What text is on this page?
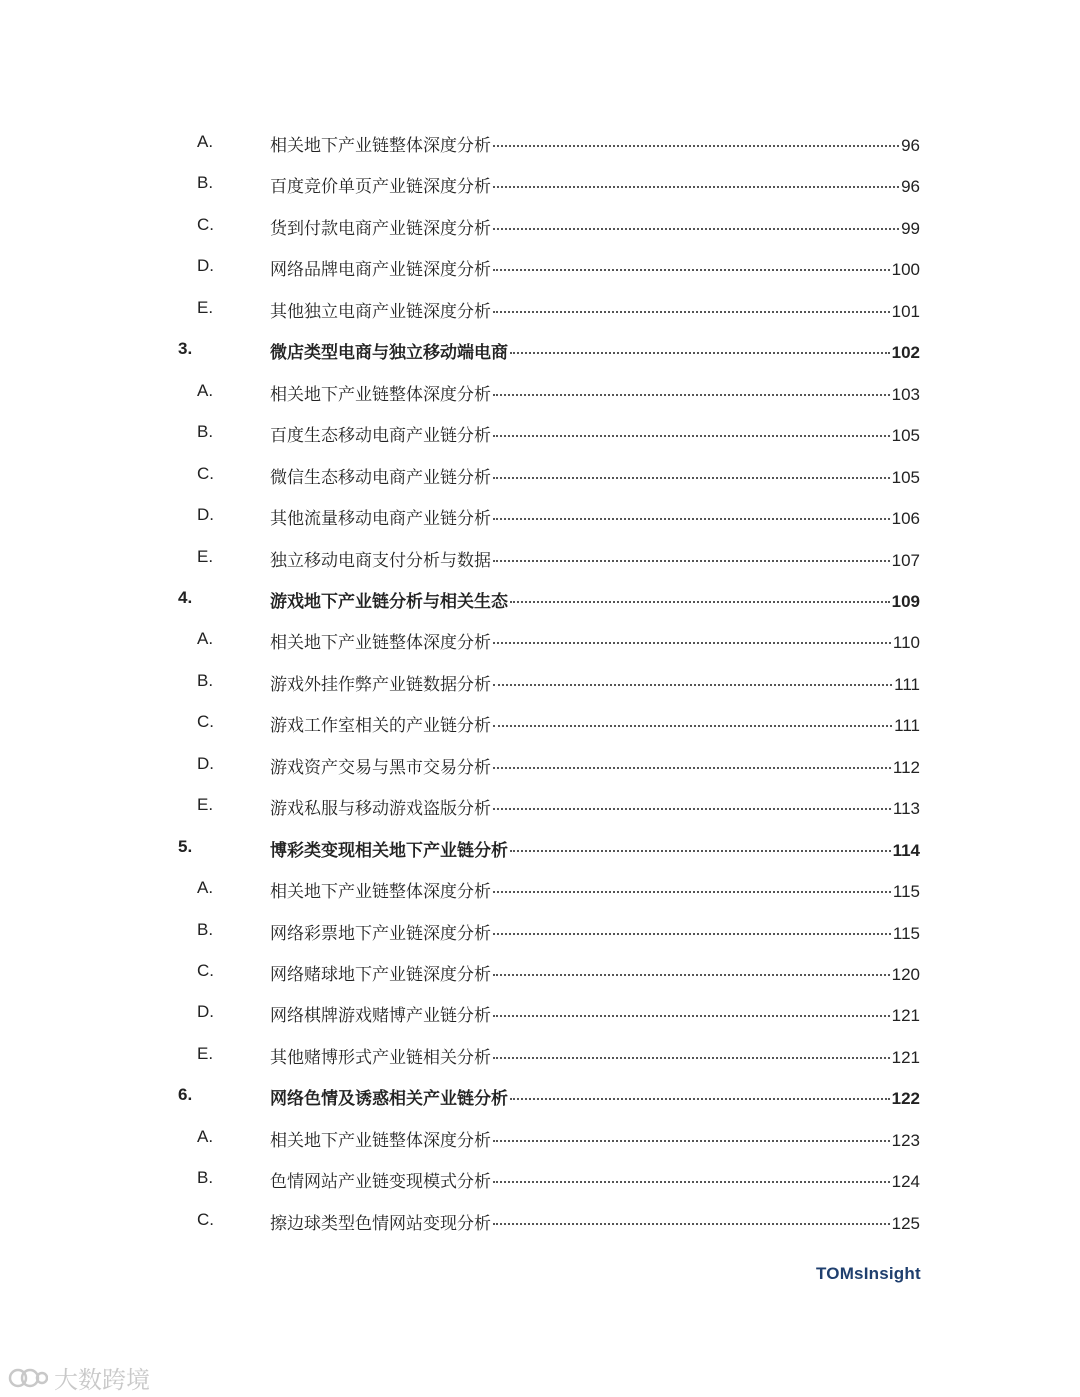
A.	相关地下产业链整体深度分析	96
B.	百度竞价单页产业链深度分析	96
C.	货到付款电商产业链深度分析	99
D.	网络品牌电商产业链深度分析	100
E.	其他独立电商产业链深度分析	101
3.	微店类型电商与独立移动端电商	102
A.	相关地下产业链整体深度分析	103
B.	百度生态移动电商产业链分析	105
C.	微信生态移动电商产业链分析	105
D.	其他流量移动电商产业链分析	106
E.	独立移动电商支付分析与数据	107
4.	游戏地下产业链分析与相关生态	109
A.	相关地下产业链整体深度分析	110
B.	游戏外挂作弊产业链数据分析	111
C.	游戏工作室相关的产业链分析	111
D.	游戏资产交易与黑市交易分析	112
E.	游戏私服与移动游戏盗版分析	113
5.	博彩类变现相关地下产业链分析	114
A.	相关地下产业链整体深度分析	115
B.	网络彩票地下产业链深度分析	115
C.	网络赌球地下产业链深度分析	120
D.	网络棋牌游戏赌博产业链分析	121
E.	其他赌博形式产业链相关分析	121
6.	网络色情及诱惑相关产业链分析	122
A.	相关地下产业链整体深度分析	123
B.	色情网站产业链变现模式分析	124
C.	擦边球类型色情网站变现分析	125
TOMsInsight
大数跨境
